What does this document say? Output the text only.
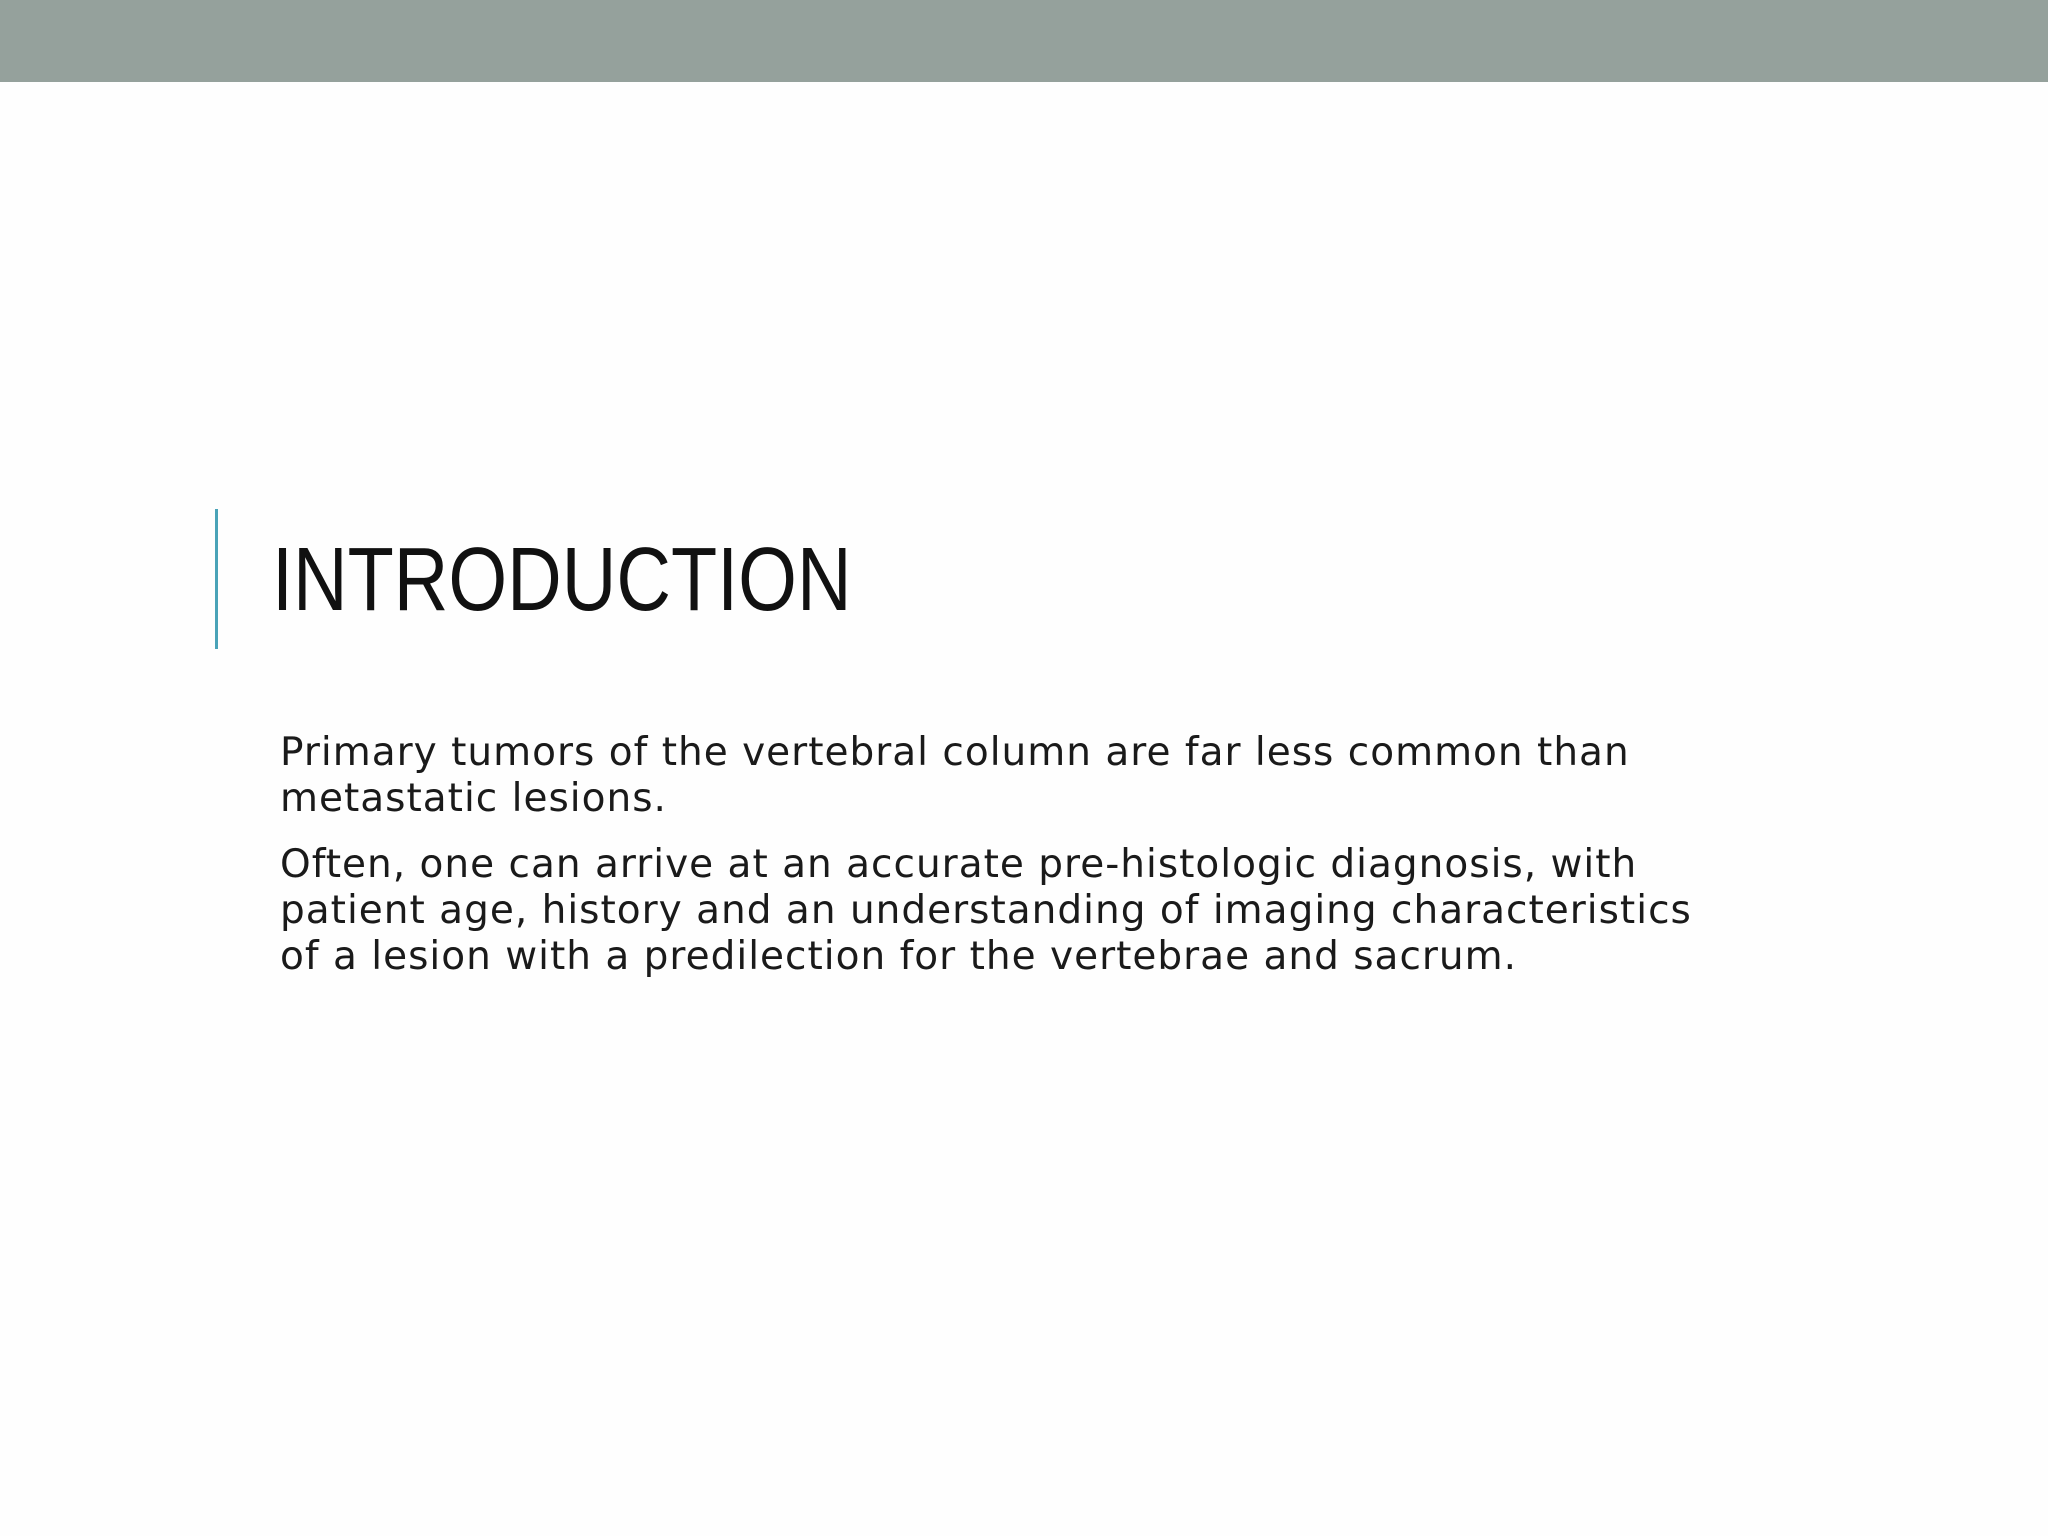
INTRODUCTION

Primary tumors of the vertebral column are far less common than metastatic lesions.

Often, one can arrive at an accurate pre-histologic diagnosis, with patient age, history and an understanding of imaging characteristics of a lesion with a predilection for the vertebrae and sacrum.
